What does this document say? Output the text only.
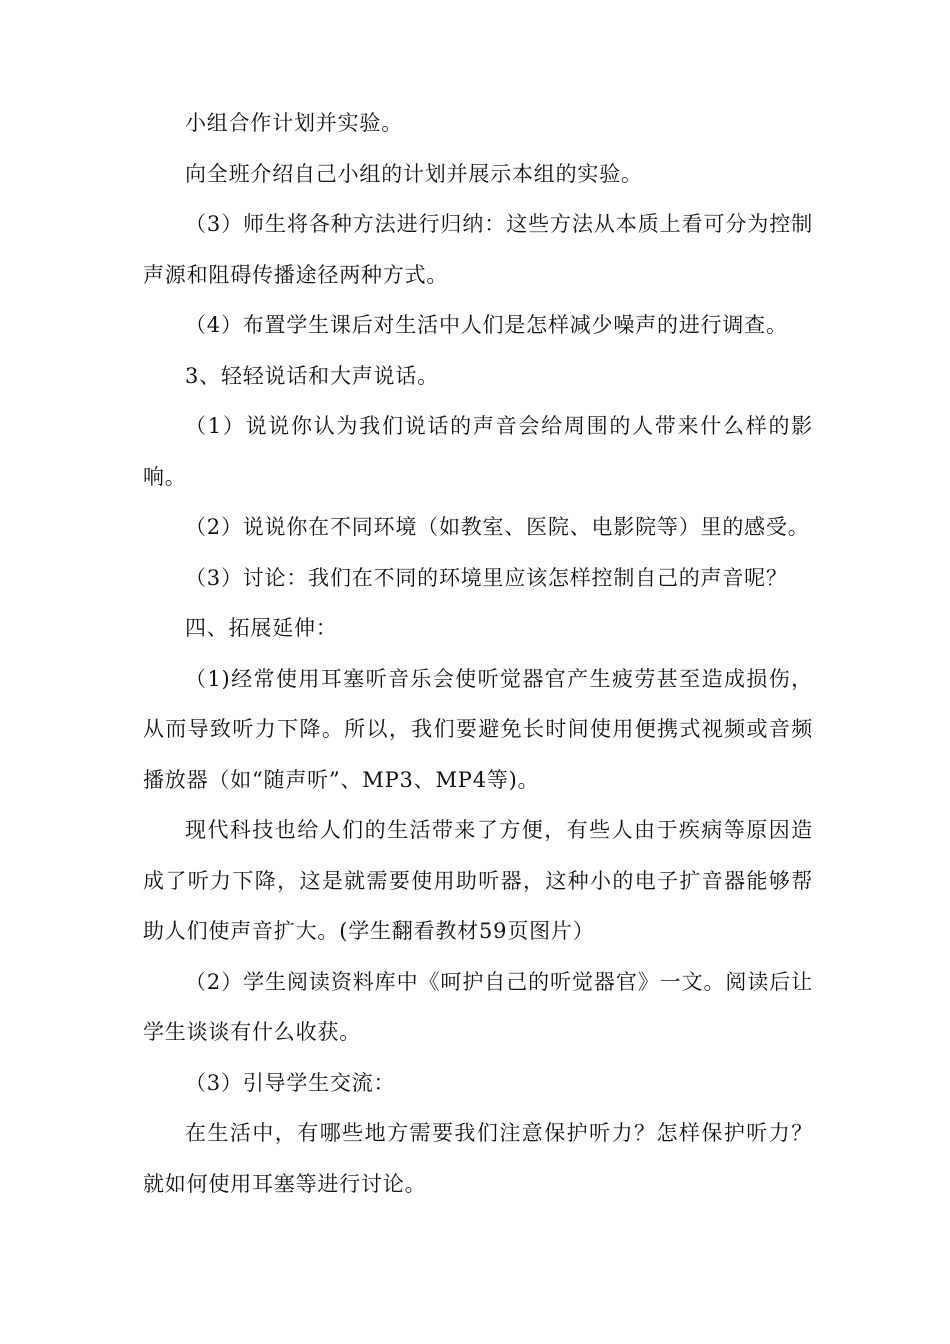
小组合作计划并实验。

向全班介绍自己小组的计划并展示本组的实验。

（3）师生将各种方法进行归纳：这些方法从本质上看可分为控制声源和阻碍传播途径两种方式。

（4）布置学生课后对生活中人们是怎样减少噪声的进行调查。

3、轻轻说话和大声说话。

（1）说说你认为我们说话的声音会给周围的人带来什么样的影响。

（2）说说你在不同环境（如教室、医院、电影院等）里的感受。

（3）讨论：我们在不同的环境里应该怎样控制自己的声音呢？

四、拓展延伸：

（1)经常使用耳塞听音乐会使听觉器官产生疲劳甚至造成损伤，从而导致听力下降。所以，我们要避免长时间使用便携式视频或音频播放器（如“随声听”、MP3、MP4等)。

现代科技也给人们的生活带来了方便，有些人由于疾病等原因造成了听力下降，这是就需要使用助听器，这种小的电子扩音器能够帮助人们使声音扩大。(学生翻看教材59页图片）

（2）学生阅读资料库中《呵护自己的听觉器官》一文。阅读后让学生谈谈有什么收获。

（3）引导学生交流：

在生活中，有哪些地方需要我们注意保护听力？怎样保护听力？就如何使用耳塞等进行讨论。
